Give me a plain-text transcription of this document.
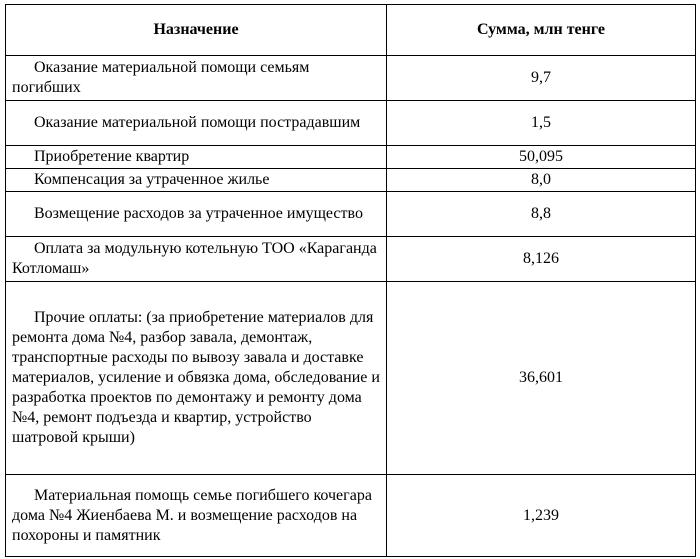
Назначение	Сумма, млн тенге
Оказание материальной помощи семьям погибших	9,7
Оказание материальной помощи пострадавшим	1,5
Приобретение квартир	50,095
Компенсация за утраченное жилье	8,0
Возмещение расходов за утраченное имущество	8,8
Оплата за модульную котельную ТОО «Караганда Котломаш»	8,126
Прочие оплаты: (за приобретение материалов для ремонта дома №4, разбор завала, демонтаж, транспортные расходы по вывозу завала и доставке материалов, усиление и обвязка дома, обследование и разработка проектов по демонтажу и ремонту дома №4, ремонт подъезда и квартир, устройство шатровой крыши)	36,601
Материальная помощь семье погибшего кочегара дома №4 Жиенбаева М. и возмещение расходов на похороны и памятник	1,239
